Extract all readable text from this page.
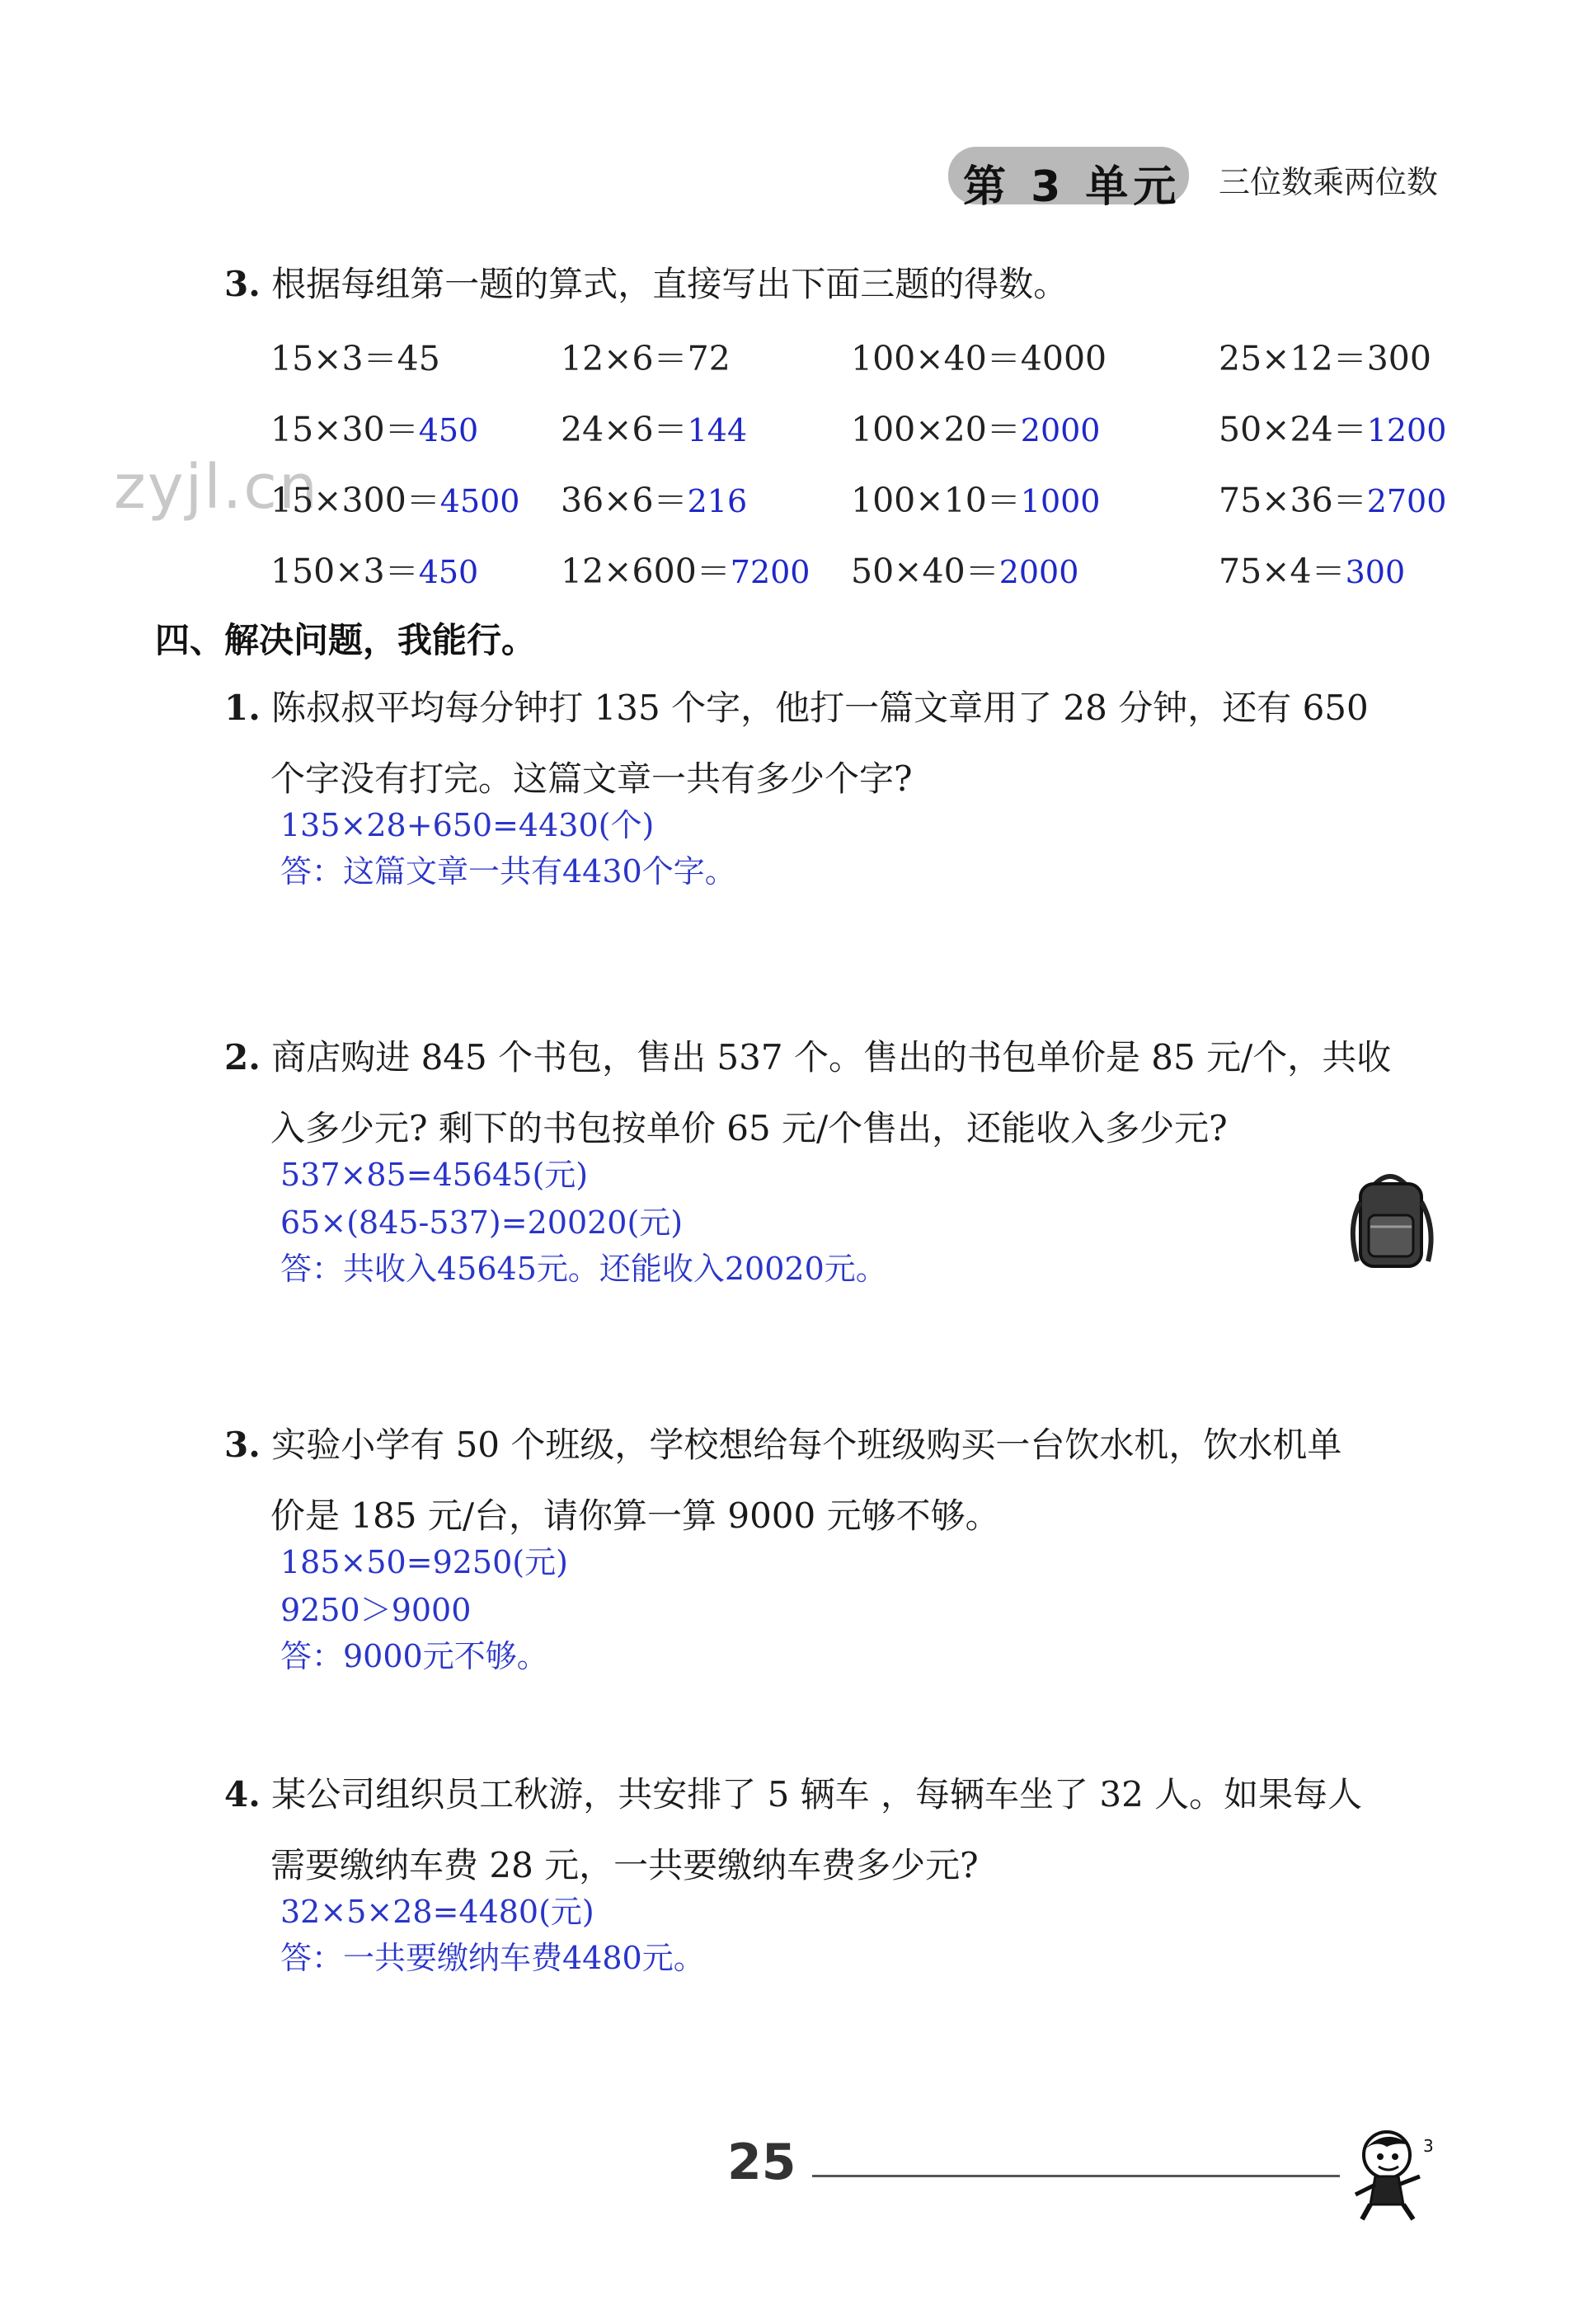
第 3 单元 三位数乘两位数
zyjl.cn
3. 根据每组第一题的算式，直接写出下面三题的得数。
15×3＝45
15×30＝450
15×300＝4500
150×3＝450
12×6＝72
24×6＝144
36×6＝216
12×600＝7200
100×40＝4000
100×20＝2000
100×10＝1000
50×40＝2000
25×12＝300
50×24＝1200
75×36＝2700
75×4＝300
四、解决问题，我能行。
1. 陈叔叔平均每分钟打 135 个字，他打一篇文章用了 28 分钟，还有 650
个字没有打完。这篇文章一共有多少个字?
135×28+650=4430(个)
答：这篇文章一共有4430个字。
2. 商店购进 845 个书包，售出 537 个。售出的书包单价是 85 元/个，共收
入多少元? 剩下的书包按单价 65 元/个售出，还能收入多少元?
537×85=45645(元)
65×(845-537)=20020(元)
答：共收入45645元。还能收入20020元。
3. 实验小学有 50 个班级，学校想给每个班级购买一台饮水机，饮水机单
价是 185 元/台，请你算一算 9000 元够不够。
185×50=9250(元)
9250＞9000
答：9000元不够。
4. 某公司组织员工秋游，共安排了 5 辆车 ，每辆车坐了 32 人。如果每人
需要缴纳车费 28 元，一共要缴纳车费多少元?
32×5×28=4480(元)
答：一共要缴纳车费4480元。
25	3
